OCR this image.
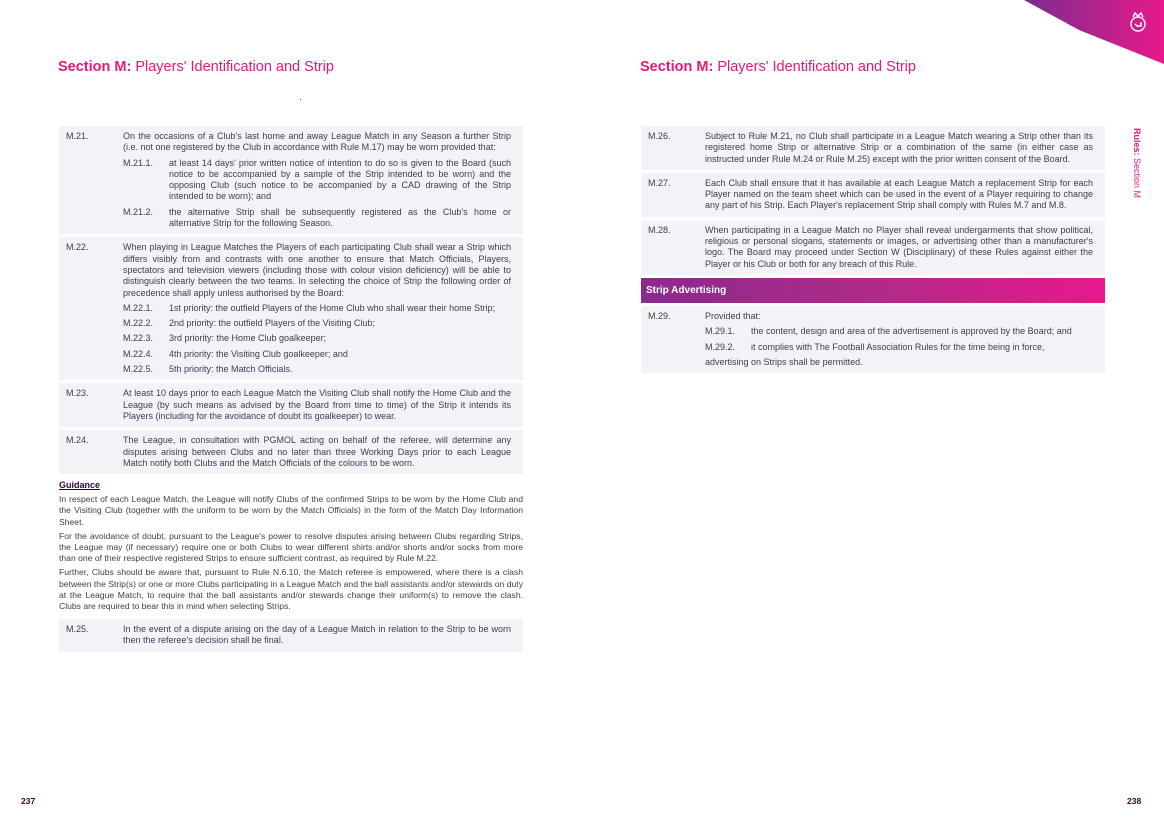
Section M: Players' Identification and Strip
M.21.	On the occasions of a Club's last home and away League Match in any Season a further Strip (i.e. not one registered by the Club in accordance with Rule M.17) may be worn provided that:
M.21.1.	at least 14 days' prior written notice of intention to do so is given to the Board (such notice to be accompanied by a sample of the Strip intended to be worn) and the opposing Club (such notice to be accompanied by a CAD drawing of the Strip intended to be worn); and
M.21.2.	the alternative Strip shall be subsequently registered as the Club's home or alternative Strip for the following Season.
M.22.	When playing in League Matches the Players of each participating Club shall wear a Strip which differs visibly from and contrasts with one another to ensure that Match Officials, Players, spectators and television viewers (including those with colour vision deficiency) will be able to distinguish clearly between the two teams. In selecting the choice of Strip the following order of precedence shall apply unless authorised by the Board:
M.22.1.	1st priority: the outfield Players of the Home Club who shall wear their home Strip;
M.22.2.	2nd priority: the outfield Players of the Visiting Club;
M.22.3.	3rd priority: the Home Club goalkeeper;
M.22.4.	4th priority: the Visiting Club goalkeeper; and
M.22.5.	5th priority: the Match Officials.
M.23.	At least 10 days prior to each League Match the Visiting Club shall notify the Home Club and the League (by such means as advised by the Board from time to time) of the Strip it intends its Players (including for the avoidance of doubt its goalkeeper) to wear.
M.24.	The League, in consultation with PGMOL acting on behalf of the referee, will determine any disputes arising between Clubs and no later than three Working Days prior to each League Match notify both Clubs and the Match Officials of the colours to be worn.
Guidance

In respect of each League Match, the League will notify Clubs of the confirmed Strips to be worn by the Home Club and the Visiting Club (together with the uniform to be worn by the Match Officials) in the form of the Match Day Information Sheet.

For the avoidance of doubt, pursuant to the League's power to resolve disputes arising between Clubs regarding Strips, the League may (if necessary) require one or both Clubs to wear different shirts and/or shorts and/or socks from more than one of their respective registered Strips to ensure sufficient contrast, as required by Rule M.22.

Further, Clubs should be aware that, pursuant to Rule N.6.10, the Match referee is empowered, where there is a clash between the Strip(s) or one or more Clubs participating in a League Match and the ball assistants and/or stewards on duty at the League Match, to require that the ball assistants and/or stewards change their uniform(s) to remove the clash. Clubs are required to bear this in mind when selecting Strips.

M.25.	In the event of a dispute arising on the day of a League Match in relation to the Strip to be worn then the referee's decision shall be final.
237
Section M: Players' Identification and Strip
M.26.	Subject to Rule M.21, no Club shall participate in a League Match wearing a Strip other than its registered home Strip or alternative Strip or a combination of the same (in either case as instructed under Rule M.24 or Rule M.25) except with the prior written consent of the Board.
M.27.	Each Club shall ensure that it has available at each League Match a replacement Strip for each Player named on the team sheet which can be used in the event of a Player requiring to change any part of his Strip. Each Player's replacement Strip shall comply with Rules M.7 and M.8.
M.28.	When participating in a League Match no Player shall reveal undergarments that show political, religious or personal slogans, statements or images, or advertising other than a manufacturer's logo. The Board may proceed under Section W (Disciplinary) of these Rules against either the Player or his Club or both for any breach of this Rule.
Strip Advertising
M.29.	Provided that:
M.29.1.	the content, design and area of the advertisement is approved by the Board; and
M.29.2.	it complies with The Football Association Rules for the time being in force,
advertising on Strips shall be permitted.
Rules: Section M
238
